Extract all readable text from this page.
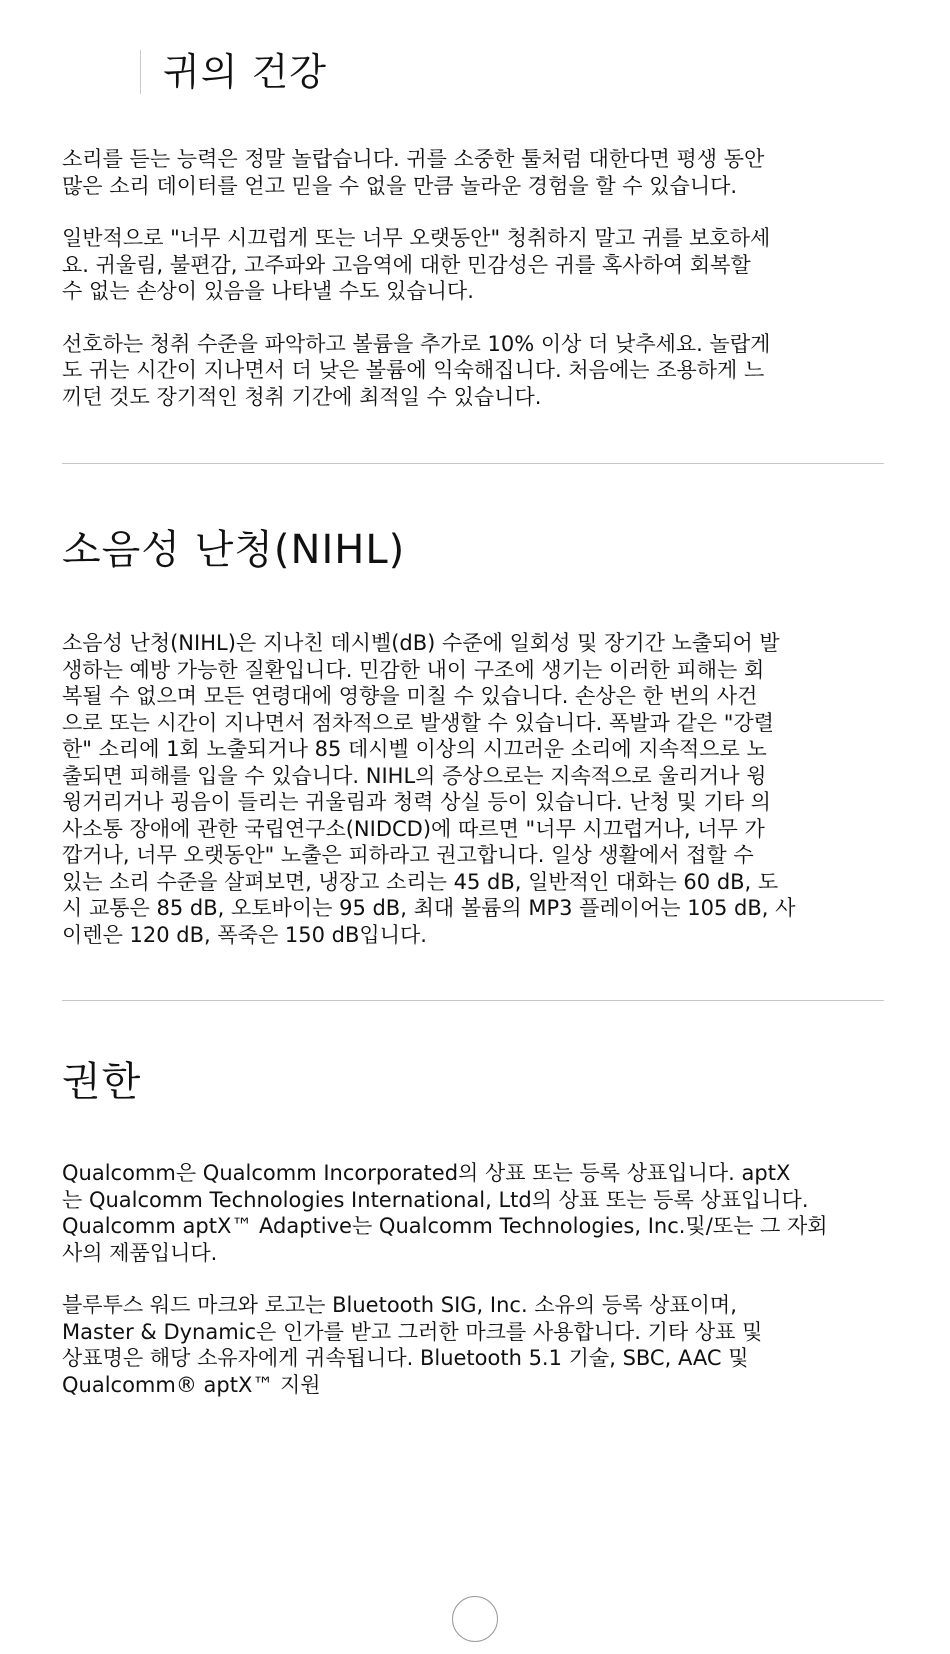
귀의 건강

소리를 듣는 능력은 정말 놀랍습니다. 귀를 소중한 툴처럼 대한다면 평생 동안
많은 소리 데이터를 얻고 믿을 수 없을 만큼 놀라운 경험을 할 수 있습니다.

일반적으로 "너무 시끄럽게 또는 너무 오랫동안" 청취하지 말고 귀를 보호하세
요. 귀울림, 불편감, 고주파와 고음역에 대한 민감성은 귀를 혹사하여 회복할
수 없는 손상이 있음을 나타낼 수도 있습니다.

선호하는 청취 수준을 파악하고 볼륨을 추가로 10% 이상 더 낮추세요. 놀랍게
도 귀는 시간이 지나면서 더 낮은 볼륨에 익숙해집니다. 처음에는 조용하게 느
끼던 것도 장기적인 청취 기간에 최적일 수 있습니다.

소음성 난청(NIHL)

소음성 난청(NIHL)은 지나친 데시벨(dB) 수준에 일회성 및 장기간 노출되어 발
생하는 예방 가능한 질환입니다. 민감한 내이 구조에 생기는 이러한 피해는 회
복될 수 없으며 모든 연령대에 영향을 미칠 수 있습니다. 손상은 한 번의 사건
으로 또는 시간이 지나면서 점차적으로 발생할 수 있습니다. 폭발과 같은 "강렬
한" 소리에 1회 노출되거나 85 데시벨 이상의 시끄러운 소리에 지속적으로 노
출되면 피해를 입을 수 있습니다. NIHL의 증상으로는 지속적으로 울리거나 윙
윙거리거나 굉음이 들리는 귀울림과 청력 상실 등이 있습니다. 난청 및 기타 의
사소통 장애에 관한 국립연구소(NIDCD)에 따르면 "너무 시끄럽거나, 너무 가
깝거나, 너무 오랫동안" 노출은 피하라고 권고합니다. 일상 생활에서 접할 수
있는 소리 수준을 살펴보면, 냉장고 소리는 45 dB, 일반적인 대화는 60 dB, 도
시 교통은 85 dB, 오토바이는 95 dB, 최대 볼륨의 MP3 플레이어는 105 dB, 사
이렌은 120 dB, 폭죽은 150 dB입니다.

권한

Qualcomm은 Qualcomm Incorporated의 상표 또는 등록 상표입니다. aptX
는 Qualcomm Technologies International, Ltd의 상표 또는 등록 상표입니다.
Qualcomm aptX™ Adaptive는 Qualcomm Technologies, Inc.및/또는 그 자회
사의 제품입니다.

블루투스 워드 마크와 로고는 Bluetooth SIG, Inc. 소유의 등록 상표이며,
Master & Dynamic은 인가를 받고 그러한 마크를 사용합니다. 기타 상표 및
상표명은 해당 소유자에게 귀속됩니다. Bluetooth 5.1 기술, SBC, AAC 및
Qualcomm® aptX™ 지원
